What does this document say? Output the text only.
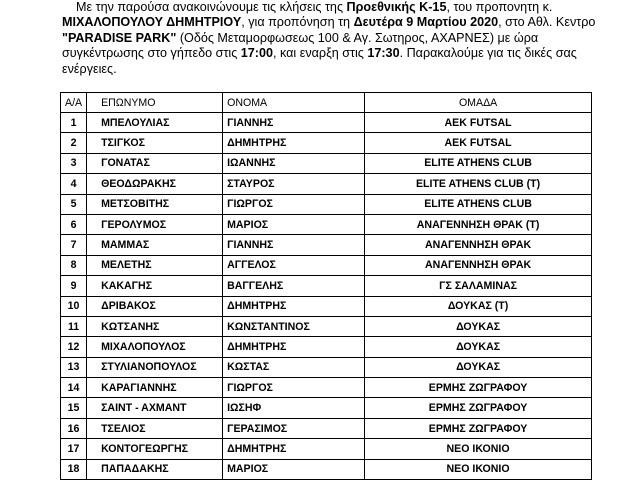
Με την παρούσα ανακοινώνουμε τις κλήσεις της Προεθνικής Κ-15, του προπονητη κ.

ΜΙΧΑΛΟΠΟΥΛΟΥ ΔΗΜΗΤΡΙΟΥ, για προπόνηση τη Δευτέρα 9 Μαρτίου 2020, στο Αθλ. Κεντρο

"PARADISE PARK" (Οδός Μεταμορφωσεως 100 & Αγ. Σωτηρος, ΑΧΑΡΝΕΣ) με ώρα

συγκέντρωσης στο γήπεδο στις 17:00, και εναρξη στις 17:30. Παρακαλούμε για τις δικές σας

ενέργειες.

Α/Α	ΕΠΩΝΥΜΟ	ΟΝΟΜΑ	ΟΜΑΔΑ
1	ΜΠΕΛΟΥΛΙΑΣ	ΓΙΑΝΝΗΣ	ΑΕΚ FUTSAL
2	ΤΣΙΓΚΟΣ	ΔΗΜΗΤΡΗΣ	ΑΕΚ FUTSAL
3	ΓΟΝΑΤΑΣ	ΙΩΑΝΝΗΣ	ELITE ATHENS CLUB
4	ΘΕΟΔΩΡΑΚΗΣ	ΣΤΑΥΡΟΣ	ELITE ATHENS CLUB (T)
5	ΜΕΤΣΟΒΙΤΗΣ	ΓΙΩΡΓΟΣ	ELITE ATHENS CLUB
6	ΓΕΡΟΛΥΜΟΣ	ΜΑΡΙΟΣ	ΑΝΑΓΕΝΝΗΣΗ ΘΡΑΚ (Τ)
7	ΜΑΜΜΑΣ	ΓΙΑΝΝΗΣ	ΑΝΑΓΕΝΝΗΣΗ ΘΡΑΚ
8	ΜΕΛΕΤΗΣ	ΑΓΓΕΛΟΣ	ΑΝΑΓΕΝΝΗΣΗ ΘΡΑΚ
9	ΚΑΚΑΓΗΣ	ΒΑΓΓΕΛΗΣ	ΓΣ ΣΑΛΑΜΙΝΑΣ
10	ΔΡΙΒΑΚΟΣ	ΔΗΜΗΤΡΗΣ	ΔΟΥΚΑΣ (Τ)
11	ΚΩΤΣΑΝΗΣ	ΚΩΝΣΤΑΝΤΙΝΟΣ	ΔΟΥΚΑΣ
12	ΜΙΧΑΛΟΠΟΥΛΟΣ	ΔΗΜΗΤΡΗΣ	ΔΟΥΚΑΣ
13	ΣΤΥΛΙΑΝΟΠΟΥΛΟΣ	ΚΩΣΤΑΣ	ΔΟΥΚΑΣ
14	ΚΑΡΑΓΙΑΝΝΗΣ	ΓΙΩΡΓΟΣ	ΕΡΜΗΣ ΖΩΓΡΑΦΟΥ
15	ΣΑΙΝΤ - ΑΧΜΑΝΤ	ΙΩΣΗΦ	ΕΡΜΗΣ ΖΩΓΡΑΦΟΥ
16	ΤΣΕΛΙΟΣ	ΓΕΡΑΣΙΜΟΣ	ΕΡΜΗΣ ΖΩΓΡΑΦΟΥ
17	ΚΟΝΤΟΓΕΩΡΓΗΣ	ΔΗΜΗΤΡΗΣ	ΝΕΟ ΙΚΟΝΙΟ
18	ΠΑΠΑΔΑΚΗΣ	ΜΑΡΙΟΣ	ΝΕΟ ΙΚΟΝΙΟ
